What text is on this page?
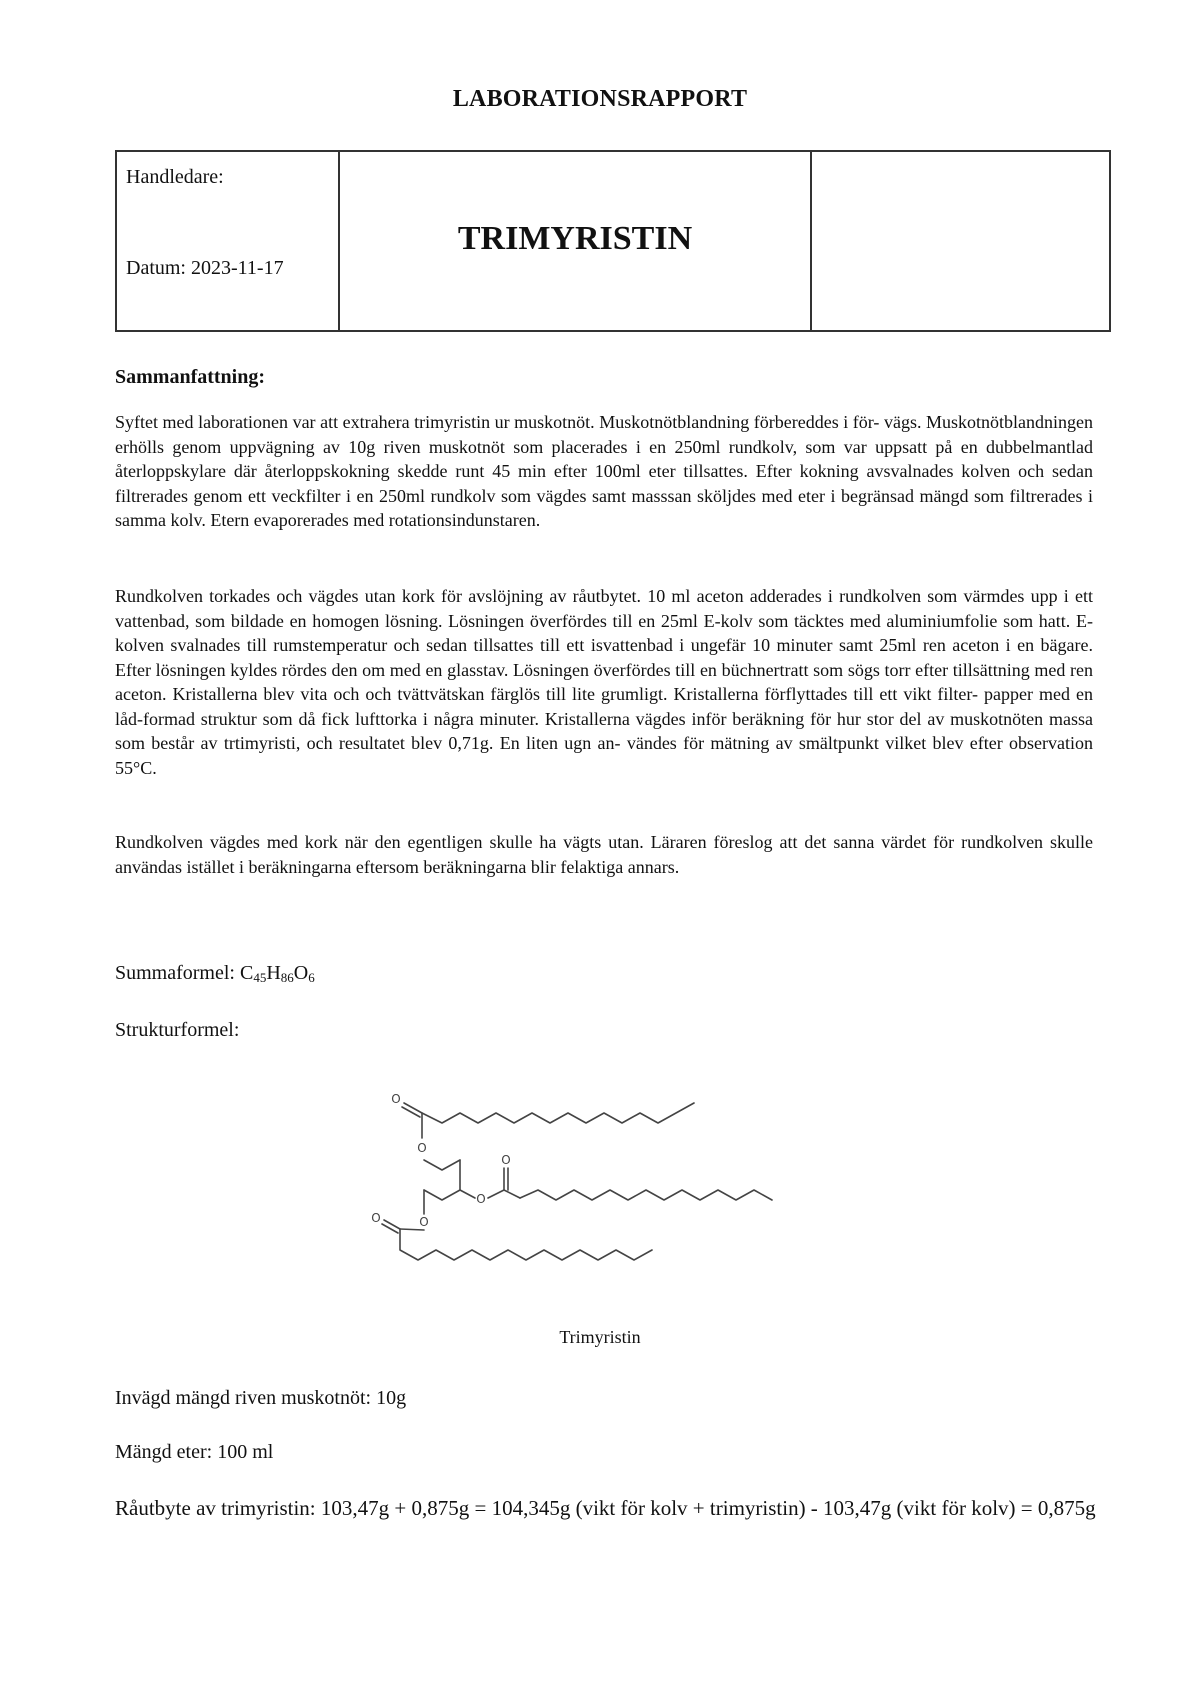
LABORATIONSRAPPORT
Handledare:
Datum: 2023-11-17
TRIMYRISTIN
Sammanfattning:

Syftet med laborationen var att extrahera trimyristin ur muskotnöt. Muskotnötblandning förbereddes i för- vägs. Muskotnötblandningen erhölls genom uppvägning av 10g riven muskotnöt som placerades i en 250ml rundkolv, som var uppsatt på en dubbelmantlad återloppskylare där återloppskokning skedde runt 45 min efter 100ml eter tillsattes. Efter kokning avsvalnades kolven och sedan filtrerades genom ett veckfilter i en 250ml rundkolv som vägdes samt masssan sköljdes med eter i begränsad mängd som filtrerades i samma kolv. Etern evaporerades med rotationsindunstaren.

Rundkolven torkades och vägdes utan kork för avslöjning av råutbytet. 10 ml aceton adderades i rundkolven som värmdes upp i ett vattenbad, som bildade en homogen lösning. Lösningen överfördes till en 25ml E-kolv som täcktes med aluminiumfolie som hatt. E-kolven svalnades till rumstemperatur och sedan tillsattes till ett isvattenbad i ungefär 10 minuter samt 25ml ren aceton i en bägare. Efter lösningen kyldes rördes den om med en glasstav. Lösningen överfördes till en büchnertratt som sögs torr efter tillsättning med ren aceton. Kristallerna blev vita och och tvättvätskan färglös till lite grumligt. Kristallerna förflyttades till ett vikt filter- papper med en låd-formad struktur som då fick lufttorka i några minuter. Kristallerna vägdes inför beräkning för hur stor del av muskotnöten massa som består av trtimyristi, och resultatet blev 0,71g. En liten ugn an- vändes för mätning av smältpunkt vilket blev efter observation 55°C.

Rundkolven vägdes med kork när den egentligen skulle ha vägts utan. Läraren föreslog att det sanna värdet för rundkolven skulle användas istället i beräkningarna eftersom beräkningarna blir felaktiga annars.

Summaformel: $C_{45}H_{86}O_6$
Strukturformel:
O
O
O
O
O
O
Trimyristin
Invägd mängd riven muskotnöt: 10g
Mängd eter: 100 ml
Råutbyte av trimyristin: 103,47g + 0,875g = 104,345g (vikt för kolv + trimyristin) - 103,47g (vikt för kolv) = 0,875g
